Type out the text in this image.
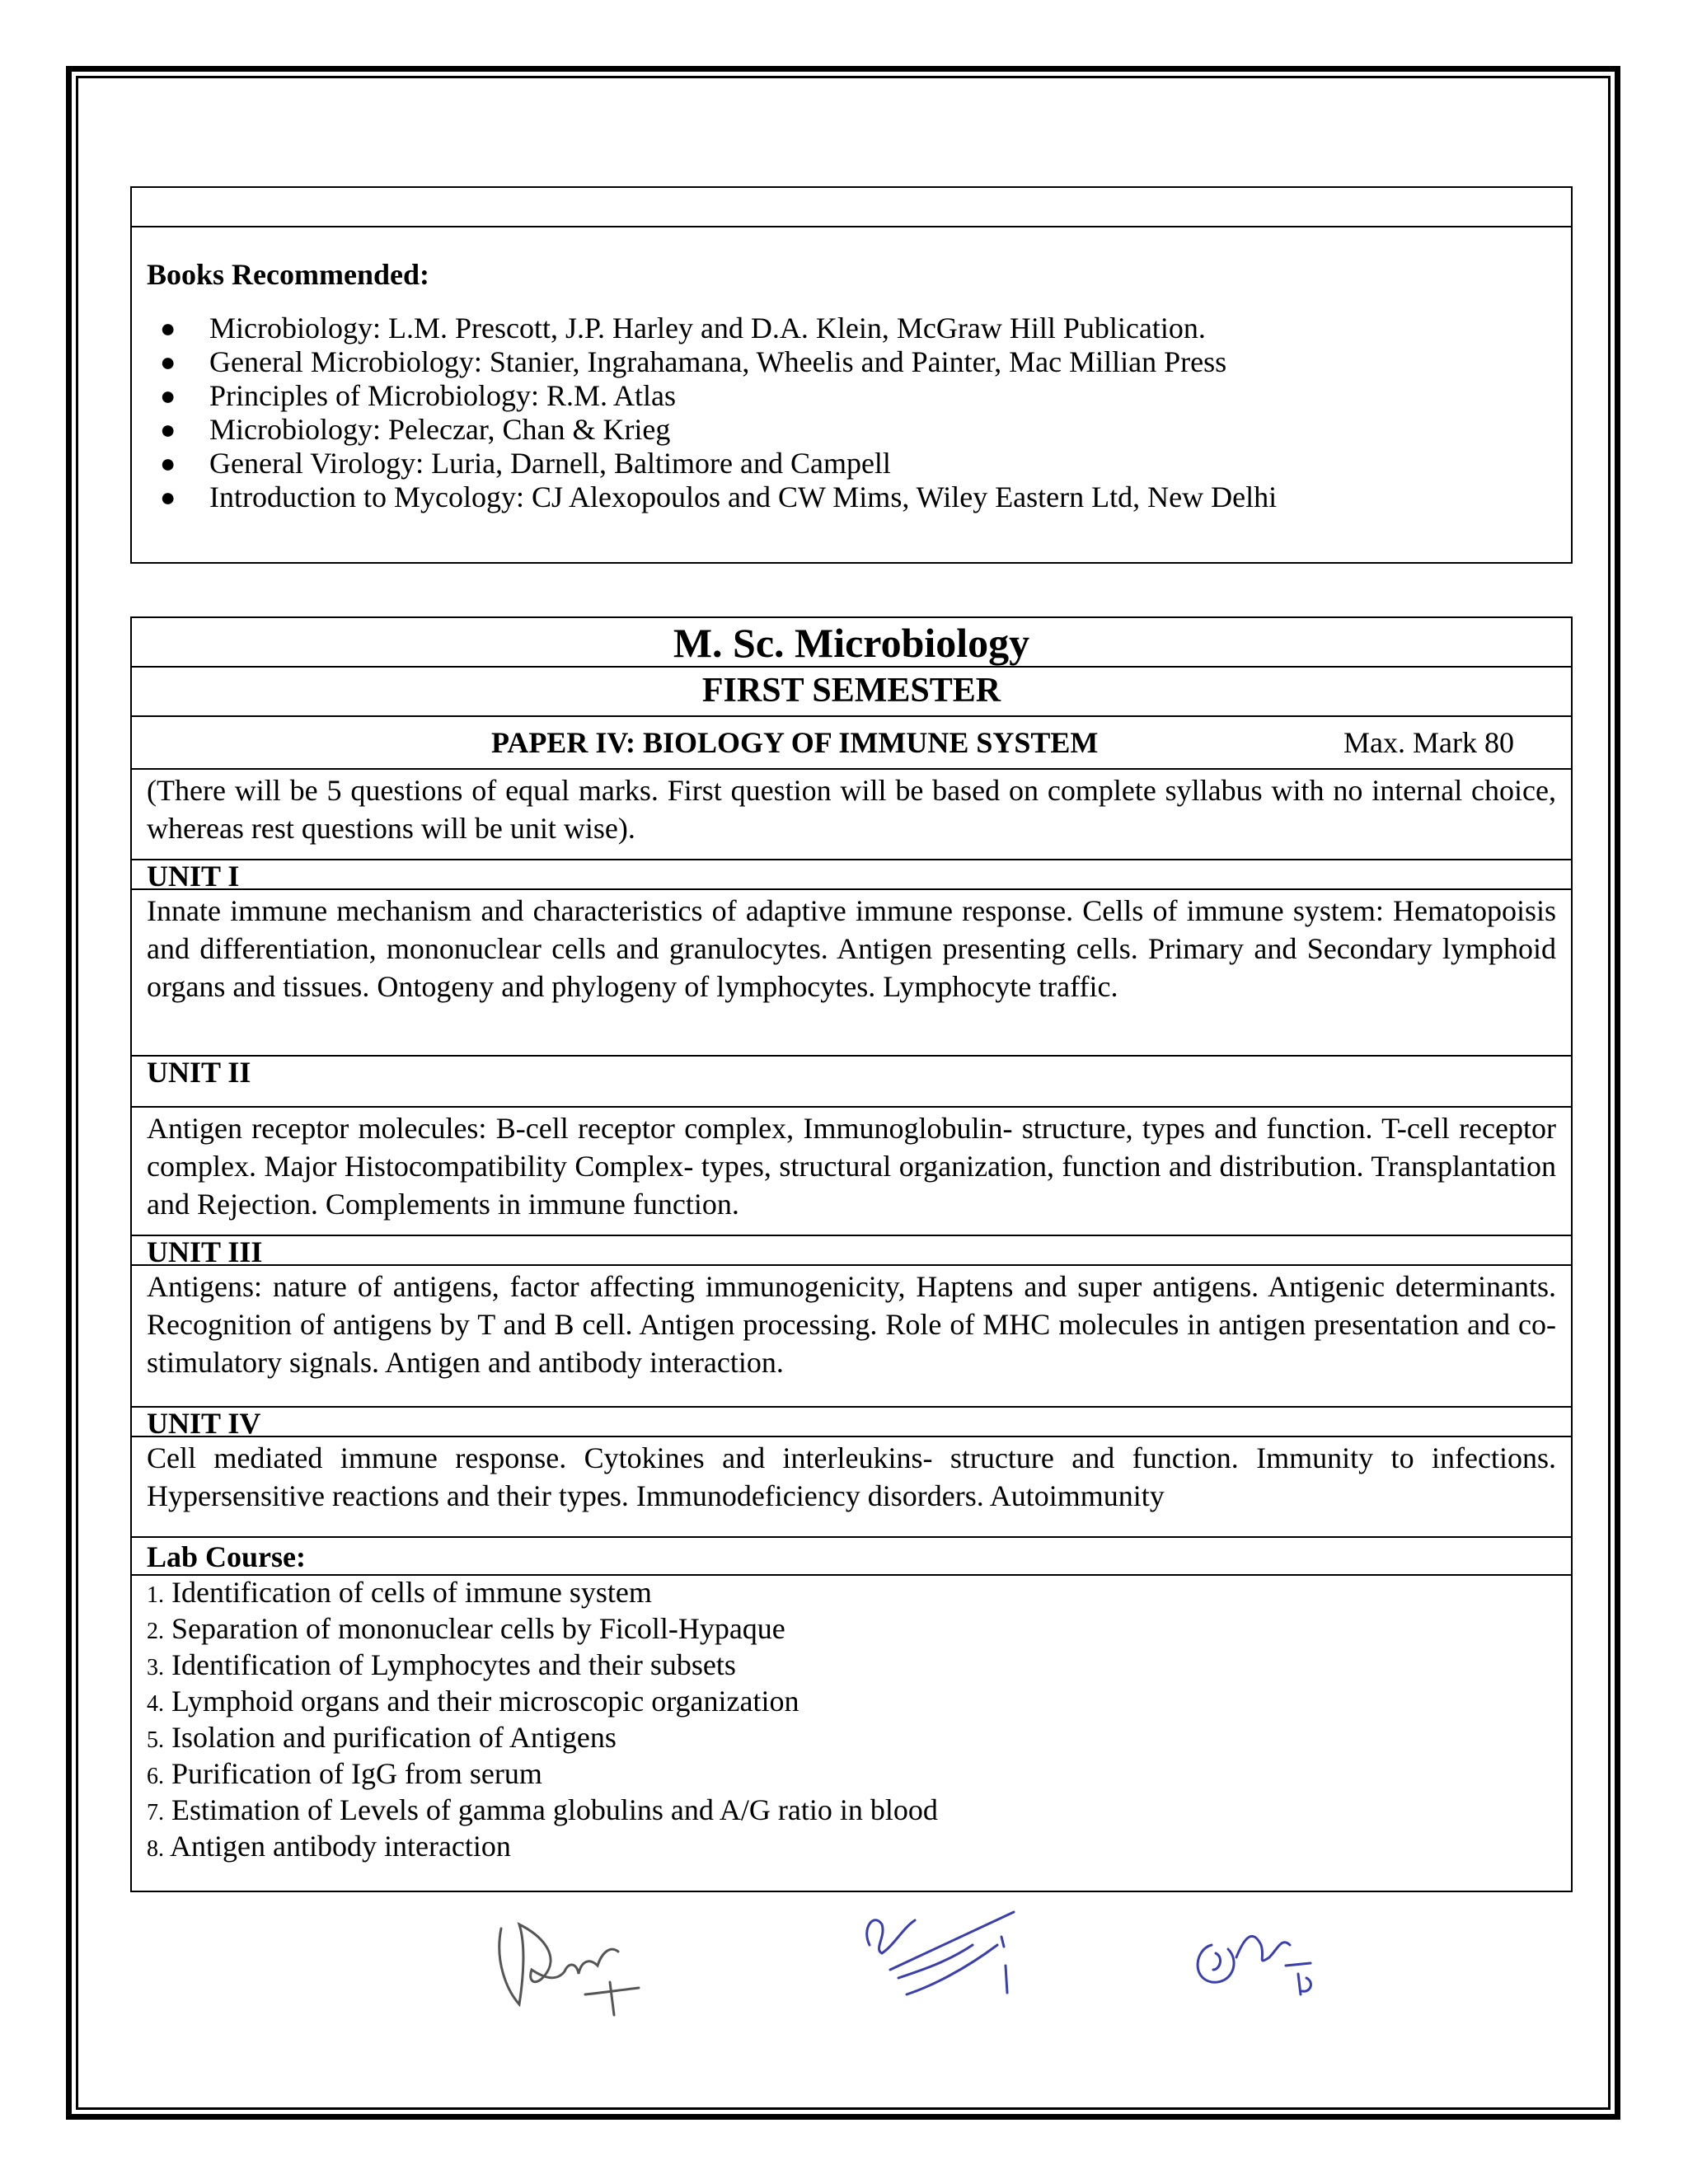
Books Recommended:
● Microbiology: L.M. Prescott, J.P. Harley and D.A. Klein, McGraw Hill Publication.
● General Microbiology: Stanier, Ingrahamana, Wheelis and Painter, Mac Millian Press
● Principles of Microbiology: R.M. Atlas
● Microbiology: Peleczar, Chan & Krieg
● General Virology: Luria, Darnell, Baltimore and Campell
● Introduction to Mycology: CJ Alexopoulos and CW Mims, Wiley Eastern Ltd, New Delhi
M. Sc. Microbiology
FIRST SEMESTER
PAPER IV: BIOLOGY OF IMMUNE SYSTEM	Max. Mark 80
(There will be 5 questions of equal marks. First question will be based on complete syllabus with no internal choice, whereas rest questions will be unit wise).
UNIT I
Innate immune mechanism and characteristics of adaptive immune response. Cells of immune system: Hematopoisis and differentiation, mononuclear cells and granulocytes. Antigen presenting cells. Primary and Secondary lymphoid organs and tissues. Ontogeny and phylogeny of lymphocytes. Lymphocyte traffic.
UNIT II
Antigen receptor molecules: B-cell receptor complex, Immunoglobulin- structure, types and function. T-cell receptor complex. Major Histocompatibility Complex- types, structural organization, function and distribution. Transplantation and Rejection. Complements in immune function.
UNIT III
Antigens: nature of antigens, factor affecting immunogenicity, Haptens and super antigens. Antigenic determinants. Recognition of antigens by T and B cell. Antigen processing. Role of MHC molecules in antigen presentation and co-stimulatory signals. Antigen and antibody interaction.
UNIT IV
Cell mediated immune response. Cytokines and interleukins- structure and function. Immunity to infections. Hypersensitive reactions and their types. Immunodeficiency disorders. Autoimmunity
Lab Course:
1. Identification of cells of immune system
2. Separation of mononuclear cells by Ficoll-Hypaque
3. Identification of Lymphocytes and their subsets
4. Lymphoid organs and their microscopic organization
5. Isolation and purification of Antigens
6. Purification of IgG from serum
7. Estimation of Levels of gamma globulins and A/G ratio in blood
8. Antigen antibody interaction
